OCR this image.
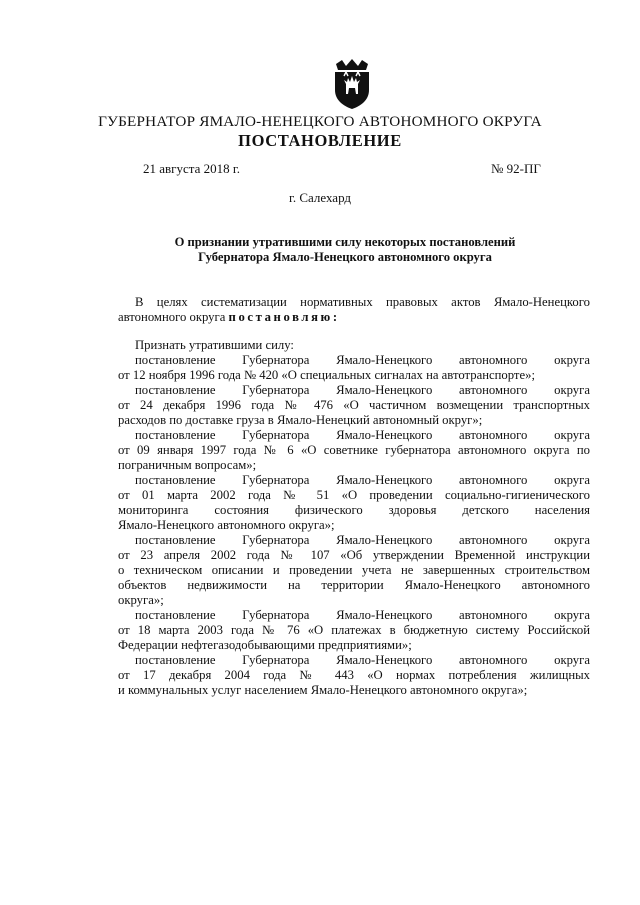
ГУБЕРНАТОР ЯМАЛО-НЕНЕЦКОГО АВТОНОМНОГО ОКРУГА
ПОСТАНОВЛЕНИЕ
21 августа 2018 г.	№ 92-ПГ
г. Салехард
О признании утратившими силу некоторых постановлений
Губернатора Ямало-Ненецкого автономного округа
В целях систематизации нормативных правовых актов Ямало-Ненецкого
автономного округа постановляю:
Признать утратившими силу:
постановление Губернатора Ямало-Ненецкого автономного округа
от 12 ноября 1996 года № 420 «О специальных сигналах на автотранспорте»;
постановление Губернатора Ямало-Ненецкого автономного округа
от 24 декабря 1996 года № 476 «О частичном возмещении транспортных
расходов по доставке груза в Ямало-Ненецкий автономный округ»;
постановление Губернатора Ямало-Ненецкого автономного округа
от 09 января 1997 года № 6 «О советнике губернатора автономного округа по
пограничным вопросам»;
постановление Губернатора Ямало-Ненецкого автономного округа
от 01 марта 2002 года № 51 «О проведении социально-гигиенического
мониторинга состояния физического здоровья детского населения
Ямало-Ненецкого автономного округа»;
постановление Губернатора Ямало-Ненецкого автономного округа
от 23 апреля 2002 года № 107 «Об утверждении Временной инструкции
о техническом описании и проведении учета не завершенных строительством
объектов недвижимости на территории Ямало-Ненецкого автономного
округа»;
постановление Губернатора Ямало-Ненецкого автономного округа
от 18 марта 2003 года № 76 «О платежах в бюджетную систему Российской
Федерации нефтегазодобывающими предприятиями»;
постановление Губернатора Ямало-Ненецкого автономного округа
от 17 декабря 2004 года № 443 «О нормах потребления жилищных
и коммунальных услуг населением Ямало-Ненецкого автономного округа»;
